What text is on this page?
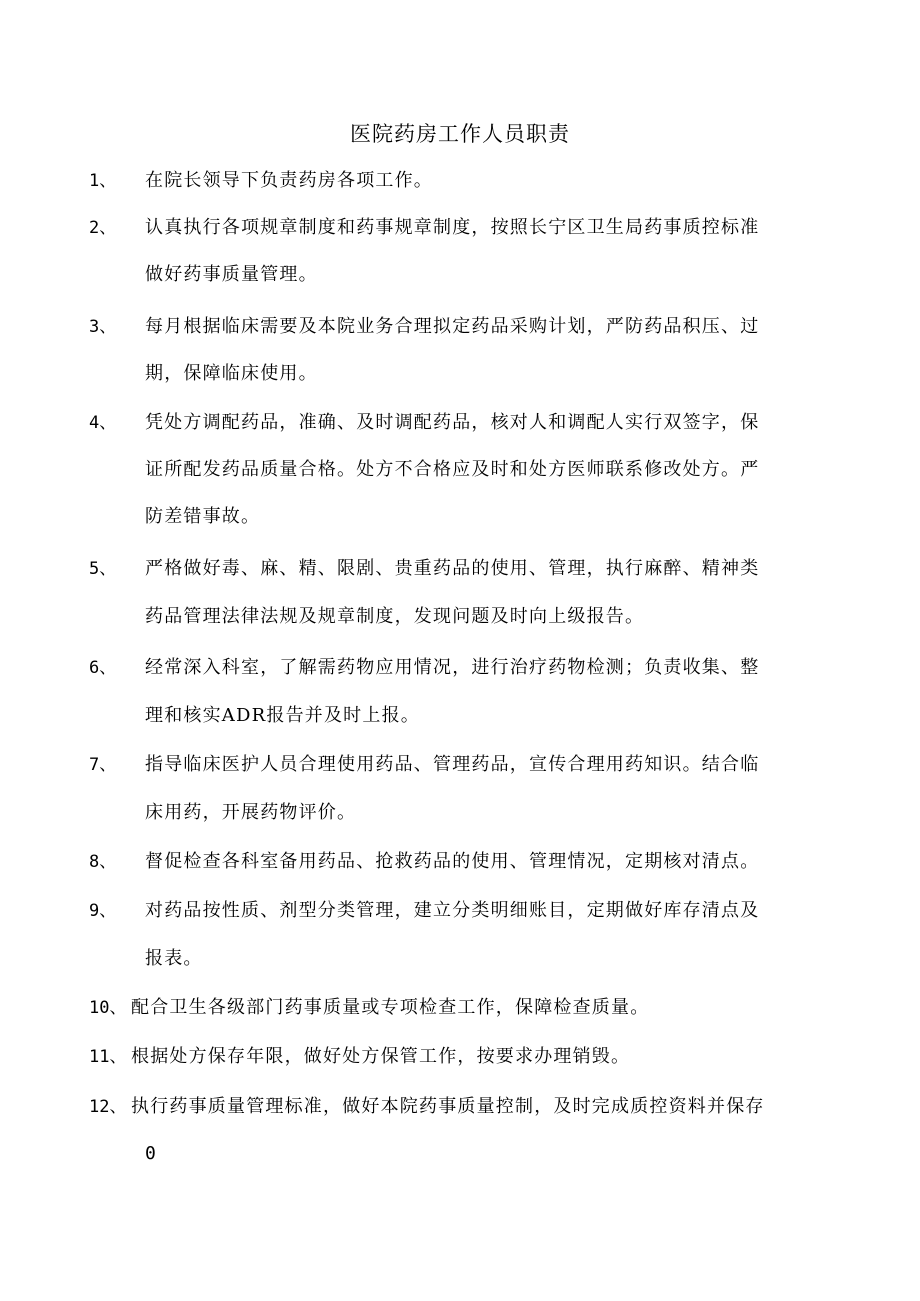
医院药房工作人员职责
1、 在院长领导下负责药房各项工作。
2、 认真执行各项规章制度和药事规章制度，按照长宁区卫生局药事质控标准
做好药事质量管理。
3、 每月根据临床需要及本院业务合理拟定药品采购计划，严防药品积压、过
期，保障临床使用。
4、 凭处方调配药品，准确、及时调配药品，核对人和调配人实行双签字，保
证所配发药品质量合格。处方不合格应及时和处方医师联系修改处方。严
防差错事故。
5、 严格做好毒、麻、精、限剧、贵重药品的使用、管理，执行麻醉、精神类
药品管理法律法规及规章制度，发现问题及时向上级报告。
6、 经常深入科室，了解需药物应用情况，进行治疗药物检测；负责收集、整
理和核实ADR报告并及时上报。
7、 指导临床医护人员合理使用药品、管理药品，宣传合理用药知识。结合临
床用药，开展药物评价。
8、 督促检查各科室备用药品、抢救药品的使用、管理情况，定期核对清点。
9、 对药品按性质、剂型分类管理，建立分类明细账目，定期做好库存清点及
报表。
10、 配合卫生各级部门药事质量或专项检查工作，保障检查质量。
11、 根据处方保存年限，做好处方保管工作，按要求办理销毁。
12、 执行药事质量管理标准，做好本院药事质量控制，及时完成质控资料并保存
0
